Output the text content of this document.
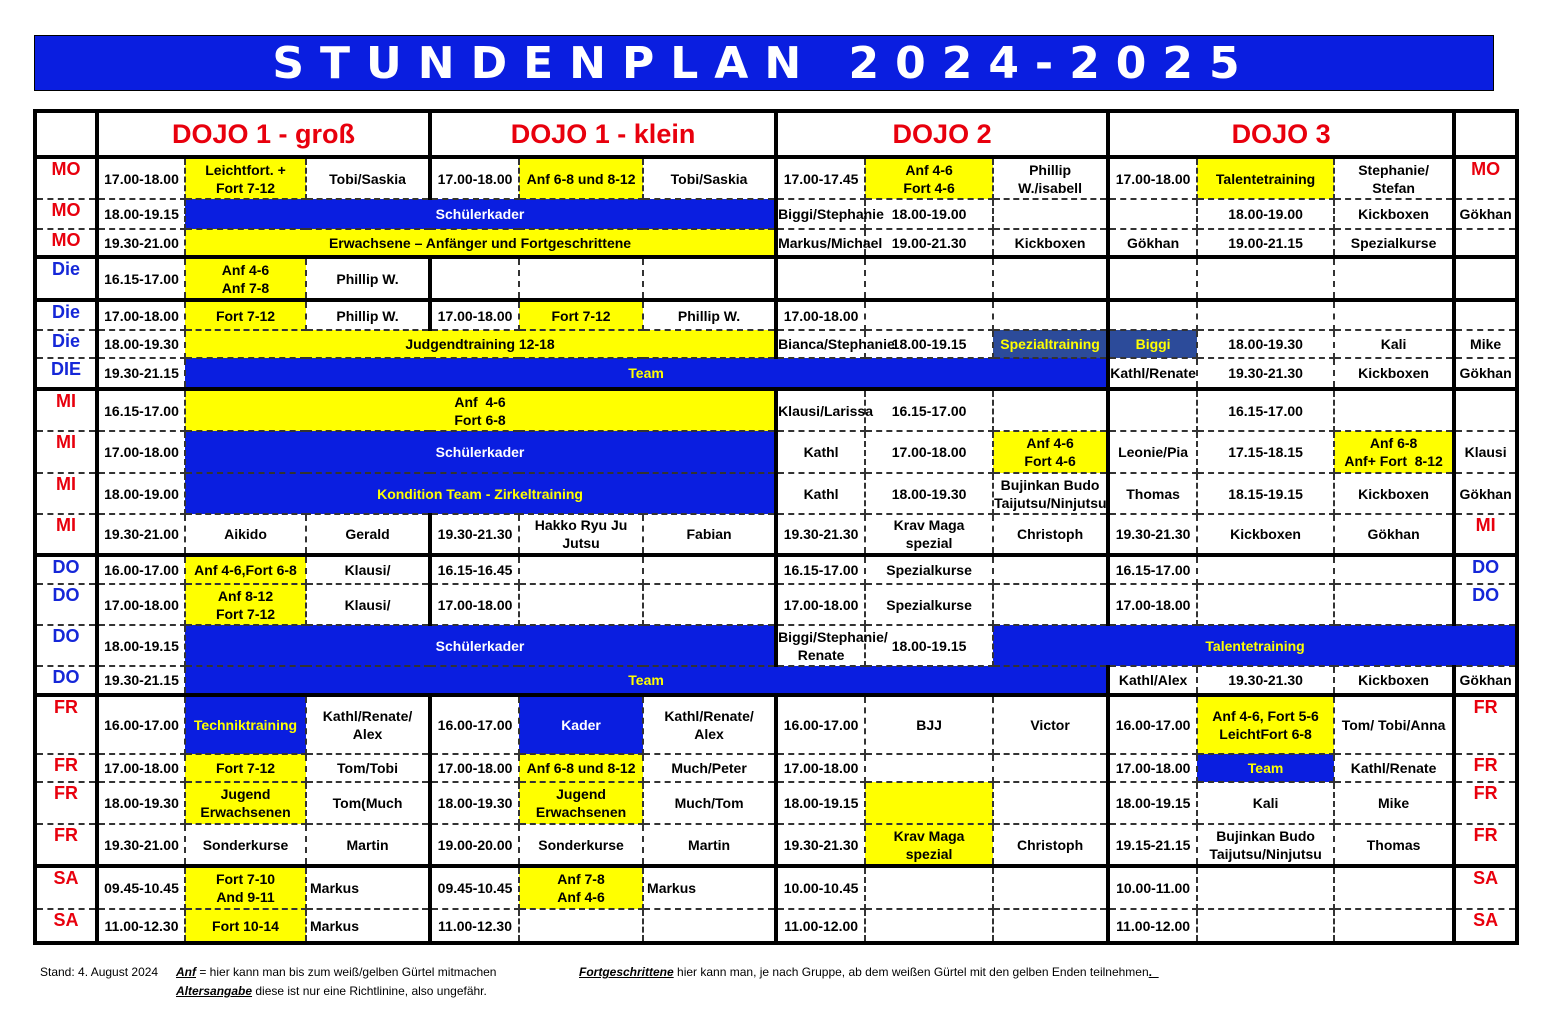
STUNDENPLAN 2024-2025
	DOJO 1 - groß			DOJO 1 - klein			DOJO 2			DOJO 3				
MO	17.00-18.00	Leichtfort. +
Fort 7-12	Tobi/Saskia	17.00-18.00	Anf 6-8 und 8-12	Tobi/Saskia	17.00-17.45	Anf 4-6
Fort 4-6	Phillip
W./isabell	17.00-18.00	Talentetraining	Stephanie/
Stefan	MO	
MO	18.00-19.15	Schülerkader					Biggi/Stephanie	18.00-19.00			18.00-19.00	Kickboxen	Gökhan	
MO	19.30-21.00	Erwachsene – Anfänger und Fortgeschrittene					Markus/Michael	19.00-21.30	Kickboxen	Gökhan	19.00-21.15	Spezialkurse		
Die	16.15-17.00	Anf 4-6
Anf 7-8	Phillip W.											
Die	17.00-18.00	Fort 7-12	Phillip W.	17.00-18.00	Fort 7-12	Phillip W.	17.00-18.00							
Die	18.00-19.30	Judgendtraining 12-18					Bianca/Stephanie	18.00-19.15	Spezialtraining	Biggi	18.00-19.30	Kali	Mike	
DIE	19.30-21.15	Team								Kathl/Renate	19.30-21.30	Kickboxen	Gökhan	
MI	16.15-17.00	Anf  4-6
Fort 6-8					Klausi/Larissa	16.15-17.00			16.15-17.00			
MI	17.00-18.00	Schülerkader					Kathl	17.00-18.00	Anf 4-6
Fort 4-6	Leonie/Pia	17.15-18.15	Anf 6-8
Anf+ Fort  8-12	Klausi	
MI	18.00-19.00	Kondition Team - Zirkeltraining					Kathl	18.00-19.30	Bujinkan Budo
Taijutsu/Ninjutsu	Thomas	18.15-19.15	Kickboxen	Gökhan	
MI	19.30-21.00	Aikido	Gerald	19.30-21.30	Hakko Ryu Ju
Jutsu	Fabian	19.30-21.30	Krav Maga
spezial	Christoph	19.30-21.30	Kickboxen	Gökhan	MI	
DO	16.00-17.00	Anf 4-6,Fort 6-8	Klausi/	16.15-16.45			16.15-17.00	Spezialkurse		16.15-17.00			DO	
DO	17.00-18.00	Anf 8-12
Fort 7-12	Klausi/	17.00-18.00			17.00-18.00	Spezialkurse		17.00-18.00			DO	
DO	18.00-19.15	Schülerkader					Biggi/Stephanie/
Renate	18.00-19.15	Talentetraining		
DO	19.30-21.15	Team								Kathl/Alex	19.30-21.30	Kickboxen	Gökhan	
FR	16.00-17.00	Techniktraining	Kathl/Renate/
Alex	16.00-17.00	Kader	Kathl/Renate/
Alex	16.00-17.00	BJJ	Victor	16.00-17.00	Anf 4-6, Fort 5-6
LeichtFort 6-8	Tom/ Tobi/Anna	FR	
FR	17.00-18.00	Fort 7-12	Tom/Tobi	17.00-18.00	Anf 6-8 und 8-12	Much/Peter	17.00-18.00			17.00-18.00	Team	Kathl/Renate	FR	
FR	18.00-19.30	Jugend
Erwachsenen	Tom(Much	18.00-19.30	Jugend
Erwachsenen	Much/Tom	18.00-19.15			18.00-19.15	Kali	Mike	FR	
FR	19.30-21.00	Sonderkurse	Martin	19.00-20.00	Sonderkurse	Martin	19.30-21.30	Krav Maga
spezial	Christoph	19.15-21.15	Bujinkan Budo
Taijutsu/Ninjutsu	Thomas	FR	
SA	09.45-10.45	Fort 7-10
And 9-11	Markus	09.45-10.45	Anf 7-8
Anf 4-6	Markus	10.00-10.45			10.00-11.00			SA	
SA	11.00-12.30	Fort 10-14	Markus	11.00-12.30			11.00-12.00			11.00-12.00			SA	
Stand: 4. August 2024 Anf = hier kann man bis zum weiß/gelben Gürtel mitmachen
Altersangabe diese ist nur eine Richtlinine, also ungefähr.
Fortgeschrittene hier kann man, je nach Gruppe, ab dem weißen Gürtel mit den gelben Enden teilnehmen.
